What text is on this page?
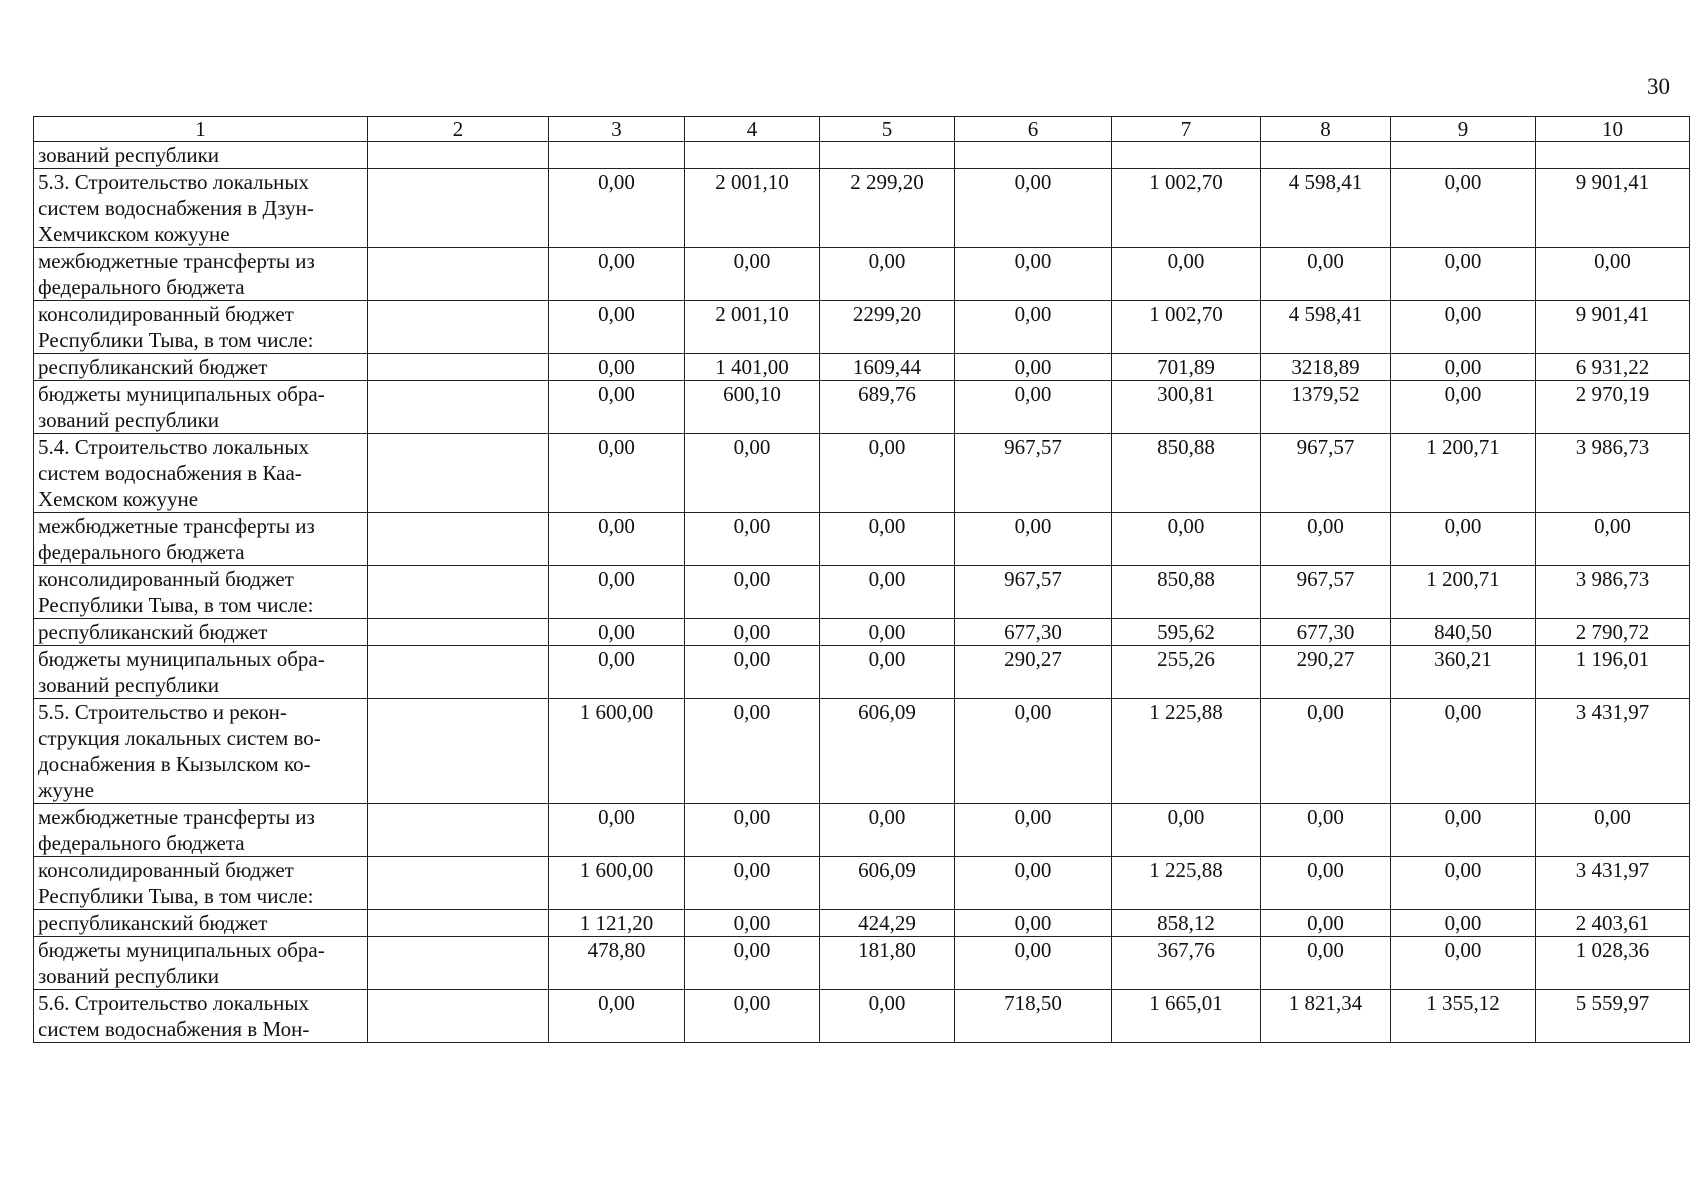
30
1	2	3	4	5	6	7	8	9	10
зований республики									
5.3. Строительство локальных систем водоснабжения в Дзун-Хемчикском кожууне		0,00	2 001,10	2 299,20	0,00	1 002,70	4 598,41	0,00	9 901,41
межбюджетные трансферты из федерального бюджета		0,00	0,00	0,00	0,00	0,00	0,00	0,00	0,00
консолидированный бюджет Республики Тыва, в том числе:		0,00	2 001,10	2299,20	0,00	1 002,70	4 598,41	0,00	9 901,41
республиканский бюджет		0,00	1 401,00	1609,44	0,00	701,89	3218,89	0,00	6 931,22
бюджеты муниципальных обра-зований республики		0,00	600,10	689,76	0,00	300,81	1379,52	0,00	2 970,19
5.4. Строительство локальных систем водоснабжения в Каа-Хемском кожууне		0,00	0,00	0,00	967,57	850,88	967,57	1 200,71	3 986,73
межбюджетные трансферты из федерального бюджета		0,00	0,00	0,00	0,00	0,00	0,00	0,00	0,00
консолидированный бюджет Республики Тыва, в том числе:		0,00	0,00	0,00	967,57	850,88	967,57	1 200,71	3 986,73
республиканский бюджет		0,00	0,00	0,00	677,30	595,62	677,30	840,50	2 790,72
бюджеты муниципальных обра-зований республики		0,00	0,00	0,00	290,27	255,26	290,27	360,21	1 196,01
5.5. Строительство и рекон-струкция локальных систем во-доснабжения в Кызылском ко-жууне		1 600,00	0,00	606,09	0,00	1 225,88	0,00	0,00	3 431,97
межбюджетные трансферты из федерального бюджета		0,00	0,00	0,00	0,00	0,00	0,00	0,00	0,00
консолидированный бюджет Республики Тыва, в том числе:		1 600,00	0,00	606,09	0,00	1 225,88	0,00	0,00	3 431,97
республиканский бюджет		1 121,20	0,00	424,29	0,00	858,12	0,00	0,00	2 403,61
бюджеты муниципальных обра-зований республики		478,80	0,00	181,80	0,00	367,76	0,00	0,00	1 028,36
5.6. Строительство локальных систем водоснабжения в Мон-		0,00	0,00	0,00	718,50	1 665,01	1 821,34	1 355,12	5 559,97
